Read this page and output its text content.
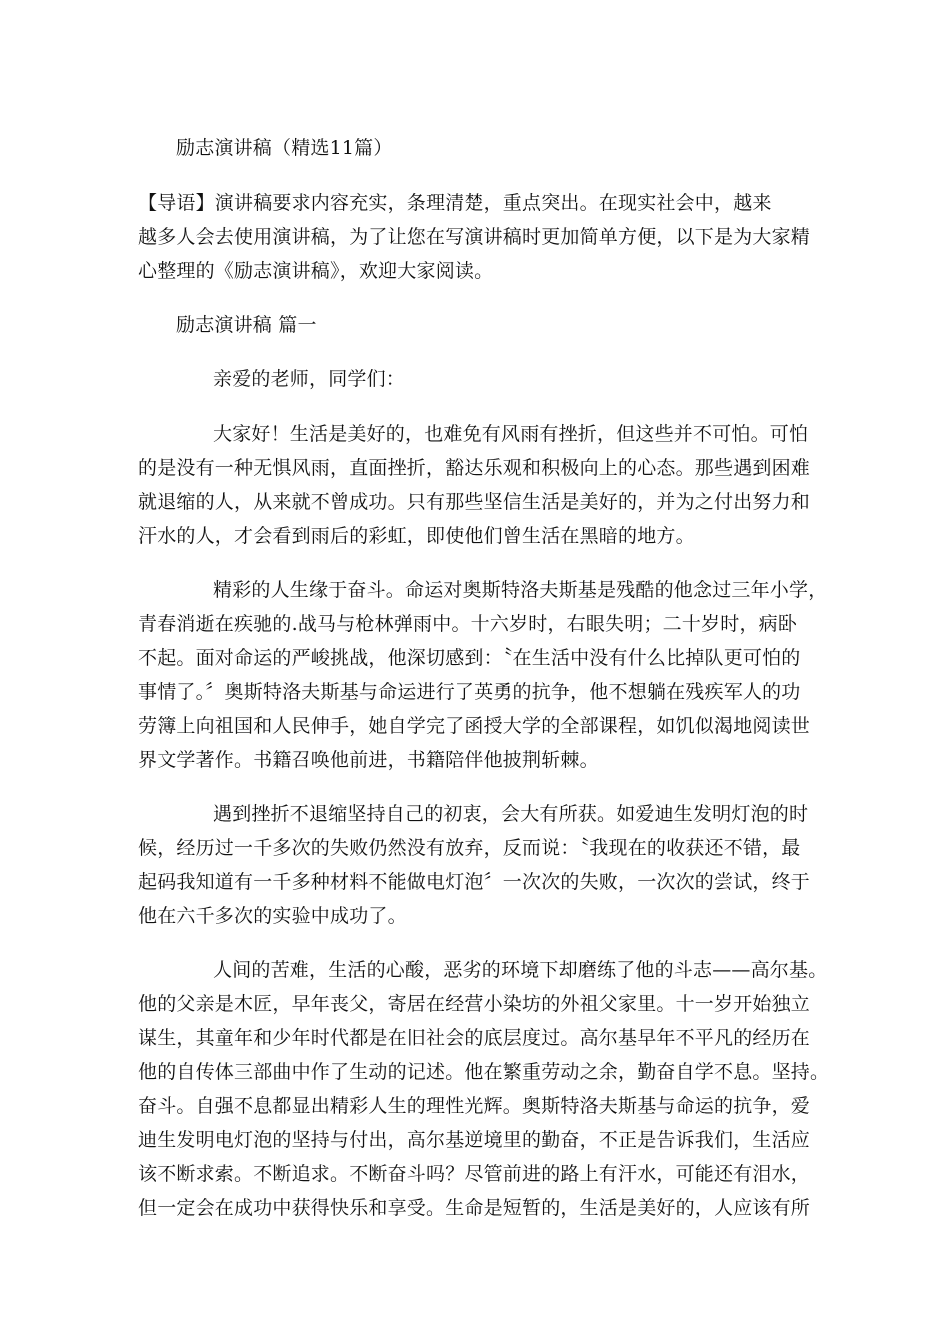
励志演讲稿（精选11篇）
【导语】演讲稿要求内容充实，条理清楚，重点突出。在现实社会中，越来
越多人会去使用演讲稿，为了让您在写演讲稿时更加简单方便，以下是为大家精
心整理的《励志演讲稿》，欢迎大家阅读。
励志演讲稿 篇一
亲爱的老师，同学们：
大家好！生活是美好的，也难免有风雨有挫折，但这些并不可怕。可怕
的是没有一种无惧风雨，直面挫折，豁达乐观和积极向上的心态。那些遇到困难
就退缩的人，从来就不曾成功。只有那些坚信生活是美好的，并为之付出努力和
汗水的人，才会看到雨后的彩虹，即使他们曾生活在黑暗的地方。
精彩的人生缘于奋斗。命运对奥斯特洛夫斯基是残酷的他念过三年小学，
青春消逝在疾驰的.战马与枪林弹雨中。十六岁时，右眼失明；二十岁时，病卧
不起。面对命运的严峻挑战，他深切感到：〝在生活中没有什么比掉队更可怕的
事情了。〞奥斯特洛夫斯基与命运进行了英勇的抗争，他不想躺在残疾军人的功
劳簿上向祖国和人民伸手，她自学完了函授大学的全部课程，如饥似渴地阅读世
界文学著作。书籍召唤他前进，书籍陪伴他披荆斩棘。
遇到挫折不退缩坚持自己的初衷，会大有所获。如爱迪生发明灯泡的时
候，经历过一千多次的失败仍然没有放弃，反而说：〝我现在的收获还不错，最
起码我知道有一千多种材料不能做电灯泡〞一次次的失败，一次次的尝试，终于
他在六千多次的实验中成功了。
人间的苦难，生活的心酸，恶劣的环境下却磨练了他的斗志——高尔基。
他的父亲是木匠，早年丧父，寄居在经营小染坊的外祖父家里。十一岁开始独立
谋生，其童年和少年时代都是在旧社会的底层度过。高尔基早年不平凡的经历在
他的自传体三部曲中作了生动的记述。他在繁重劳动之余，勤奋自学不息。坚持。
奋斗。自强不息都显出精彩人生的理性光辉。奥斯特洛夫斯基与命运的抗争，爱
迪生发明电灯泡的坚持与付出，高尔基逆境里的勤奋，不正是告诉我们，生活应
该不断求索。不断追求。不断奋斗吗？尽管前进的路上有汗水，可能还有泪水，
但一定会在成功中获得快乐和享受。生命是短暂的，生活是美好的，人应该有所
